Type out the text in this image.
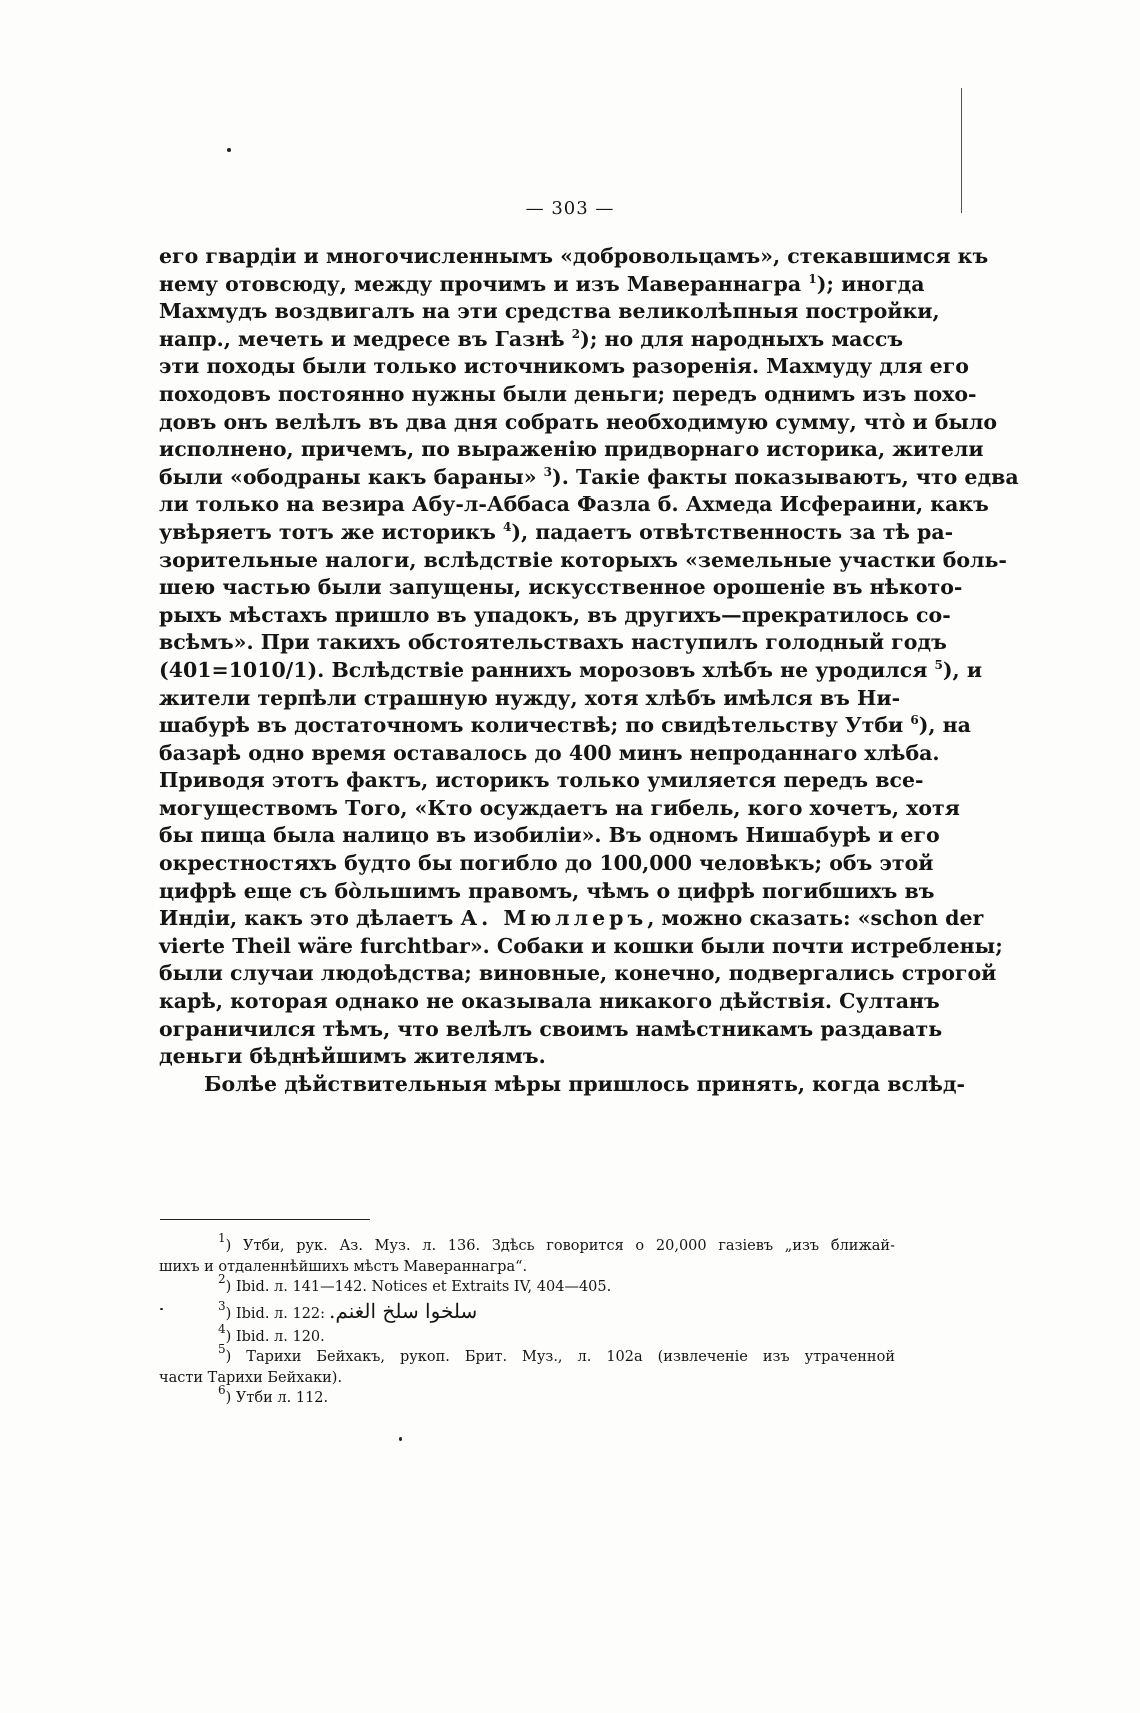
— 303 —
его гвардіи и многочисленнымъ «добровольцамъ», стекавшимся къ
нему отовсюду, между прочимъ и изъ Мавераннагра $^1$); иногда
Махмудъ воздвигалъ на эти средства великолѣпныя постройки,
напр., мечеть и медресе въ Газнѣ $^2$); но для народныхъ массъ
эти походы были только источникомъ разоренія. Махмуду для его
походовъ постоянно нужны были деньги; передъ однимъ изъ похо-
довъ онъ велѣлъ въ два дня собрать необходимую сумму, что̀ и было
исполнено, причемъ, по выраженію придворнаго историка, жители
были «ободраны какъ бараны» $^3$). Такіе факты показываютъ, что едва
ли только на везира Абу-л-Аббаса Фазла б. Ахмеда Исфераини, какъ
увѣряетъ тотъ же историкъ $^4$), падаетъ отвѣтственность за тѣ ра-
зорительные налоги, вслѣдствіе которыхъ «земельные участки боль-
шею частью были запущены, искусственное орошеніе въ нѣкото-
рыхъ мѣстахъ пришло въ упадокъ, въ другихъ—прекратилось со-
всѣмъ». При такихъ обстоятельствахъ наступилъ голодный годъ
(401=1010/1). Вслѣдствіе раннихъ морозовъ хлѣбъ не уродился $^5$), и
жители терпѣли страшную нужду, хотя хлѣбъ имѣлся въ Ни-
шабурѣ въ достаточномъ количествѣ; по свидѣтельству Утби $^6$), на
базарѣ одно время оставалось до 400 минъ непроданнаго хлѣба.
Приводя этотъ фактъ, историкъ только умиляется передъ все-
могуществомъ Того, «Кто осуждаетъ на гибель, кого хочетъ, хотя
бы пища была налицо въ изобиліи». Въ одномъ Нишабурѣ и его
окрестностяхъ будто бы погибло до 100,000 человѣкъ; объ этой
цифрѣ еще съ бо̀льшимъ правомъ, чѣмъ о цифрѣ погибшихъ въ
Индіи, какъ это дѣлаетъ А. Мюллеръ, можно сказать: «schon der
vierte Theil wäre furchtbar». Собаки и кошки были почти истреблены;
были случаи людоѣдства; виновные, конечно, подвергались строгой
карѣ, которая однако не оказывала никакого дѣйствія. Султанъ
ограничился тѣмъ, что велѣлъ своимъ намѣстникамъ раздавать
деньги бѣднѣйшимъ жителямъ.
Болѣе дѣйствительныя мѣры пришлось принять, когда вслѣд-
$^1$) Утби, рук. Аз. Муз. л. 136. Здѣсь говорится о 20,000 газіевъ „изъ ближай-
шихъ и отдаленнѣйшихъ мѣстъ Мавераннагра“.
$^2$) Ibid. л. 141—142. Notices et Extraits IV, 404—405.
$^3$) Ibid. л. 122: سلخوا سلخ الغنم.
$^4$) Ibid. л. 120.
$^5$) Тарихи Бейхакъ, рукоп. Брит. Муз., л. 102а (извлеченіе изъ утраченной
части Тарихи Бейхаки).
$^6$) Утби л. 112.
